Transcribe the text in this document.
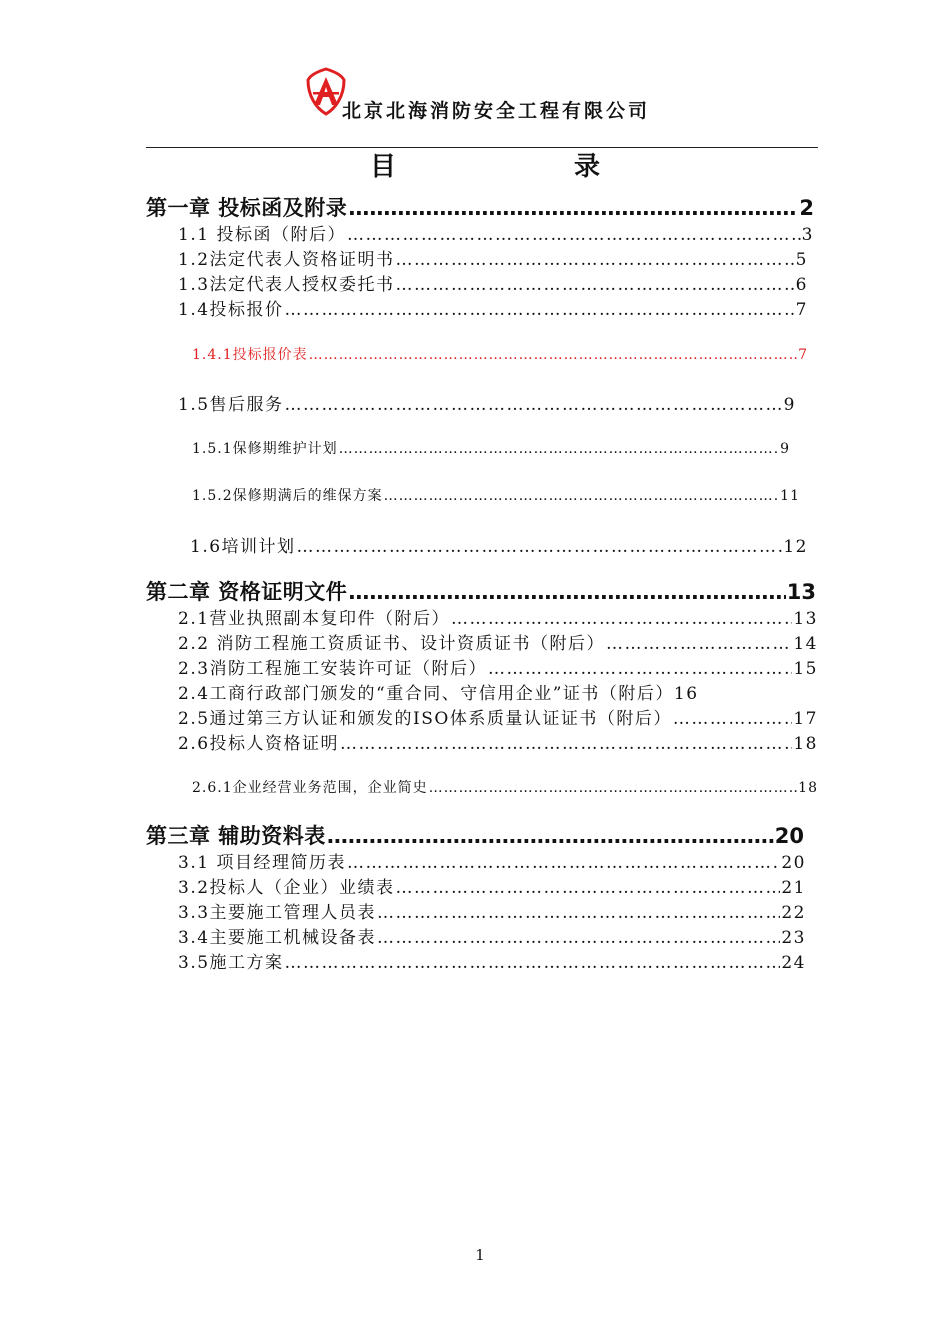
北京北海消防安全工程有限公司
目	录
第一章 投标函及附录 ……………………………………………………………………………………………………………………………………………………	2
1.1 投标函（附后） ……………………………………………………………………………………………………………………………………………………	3
1.2法定代表人资格证明书 ……………………………………………………………………………………………………………………………………………………	5
1.3法定代表人授权委托书 ……………………………………………………………………………………………………………………………………………………	6
1.4投标报价 ……………………………………………………………………………………………………………………………………………………	7
1.4.1投标报价表 ……………………………………………………………………………………………………………………………………………………	7
1.5售后服务 ……………………………………………………………………………………………………………………………………………………	9
1.5.1保修期维护计划 ……………………………………………………………………………………………………………………………………………………	9
1.5.2保修期满后的维保方案 ……………………………………………………………………………………………………………………………………………………	11
1.6培训计划 ……………………………………………………………………………………………………………………………………………………	12
第二章 资格证明文件 ……………………………………………………………………………………………………………………………………………………	13
2.1营业执照副本复印件（附后） ……………………………………………………………………………………………………………………………………………………	13
2.2 消防工程施工资质证书、设计资质证书（附后） ……………………………………………………………………………………………………………………………………………………	14
2.3消防工程施工安装许可证（附后） ……………………………………………………………………………………………………………………………………………………	15
2.4工商行政部门颁发的“重合同、守信用企业”证书（附后） 16
2.5通过第三方认证和颁发的ISO体系质量认证证书（附后） ……………………………………………………………………………………………………………………………………………………	17
2.6投标人资格证明 ……………………………………………………………………………………………………………………………………………………	18
2.6.1企业经营业务范围，企业简史 ……………………………………………………………………………………………………………………………………………………	18
第三章 辅助资料表 ……………………………………………………………………………………………………………………………………………………	20
3.1 项目经理简历表 ……………………………………………………………………………………………………………………………………………………	20
3.2投标人（企业）业绩表 ……………………………………………………………………………………………………………………………………………………	21
3.3主要施工管理人员表 ……………………………………………………………………………………………………………………………………………………	22
3.4主要施工机械设备表 ……………………………………………………………………………………………………………………………………………………	23
3.5施工方案 ……………………………………………………………………………………………………………………………………………………	24
1
